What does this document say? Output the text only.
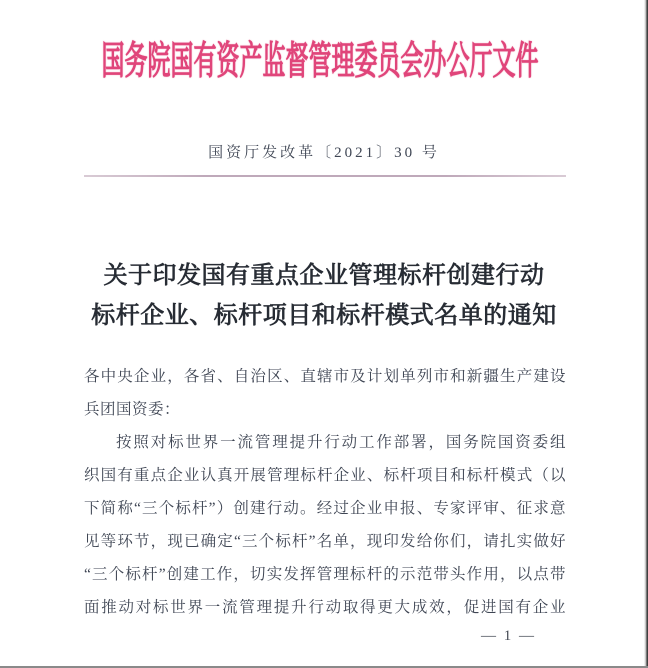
国务院国有资产监督管理委员会办公厅文件
国资厅发改革〔2021〕30 号
关于印发国有重点企业管理标杆创建行动
标杆企业、标杆项目和标杆模式名单的通知
各中央企业，各省、自治区、直辖市及计划单列市和新疆生产建设
兵团国资委：
按照对标世界一流管理提升行动工作部署，国务院国资委组
织国有重点企业认真开展管理标杆企业、标杆项目和标杆模式（以
下简称“三个标杆”）创建行动。经过企业申报、专家评审、征求意
见等环节，现已确定“三个标杆”名单，现印发给你们，请扎实做好
“三个标杆”创建工作，切实发挥管理标杆的示范带头作用，以点带
面推动对标世界一流管理提升行动取得更大成效，促进国有企业
— 1 —
